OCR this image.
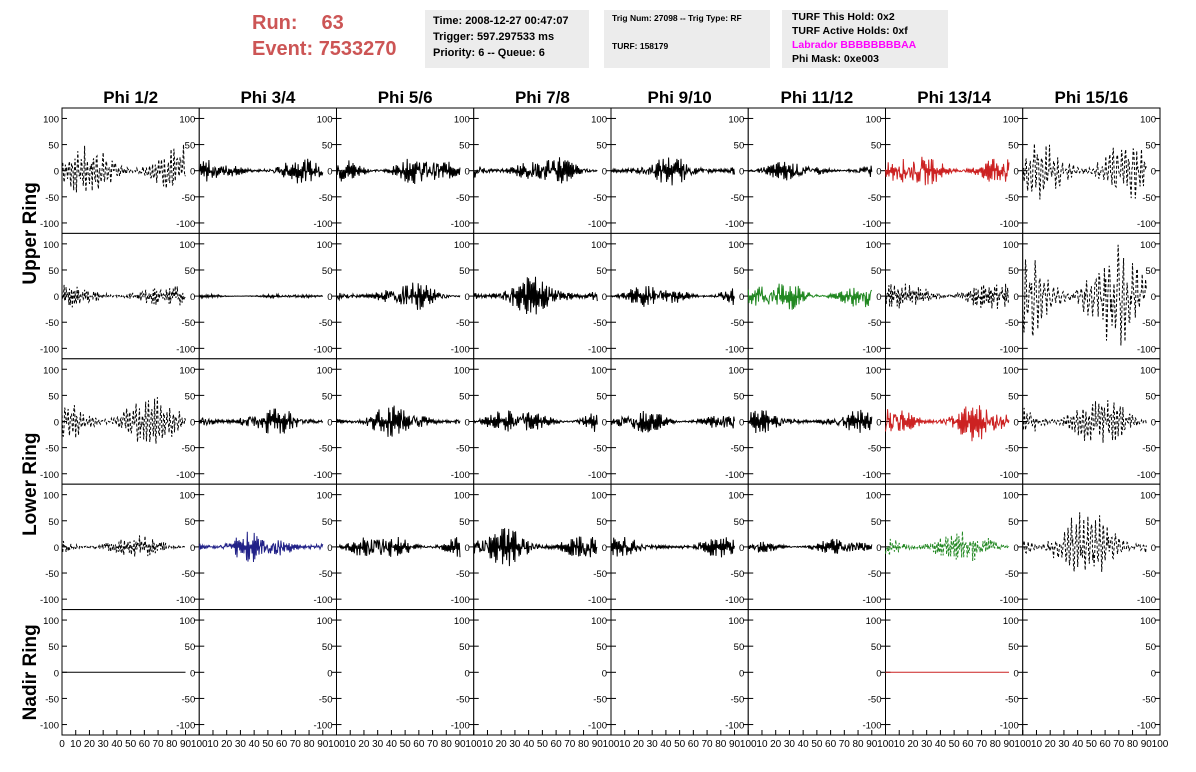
Run: 63
Event: 7533270
Time: 2008-12-27 00:47:07
Trigger: 597.297533 ms
Priority: 6 -- Queue: 6
Trig Num: 27098 -- Trig Type: RF
TURF: 158179
TURF This Hold: 0x2
TURF Active Holds: 0xf
Labrador BBBBBBBBAA
Phi Mask: 0xe003
Phi 1/2	Phi 3/4	Phi 5/6	Phi 7/8	Phi 9/10	Phi 11/12	Phi 13/14	Phi 15/16
Upper Ring
Lower Ring
Nadir Ring
-100	-100
-50	-50
0	0
50	50
100	100
-100
-50
0
50
100
-100
-50
0
50
100
-100
-50
0
50
100
-100
-50
0
50
100
-100
-50
0
50
100
-100
-50
0
50
100
-100
-50
0
50
100
-100	-100
-50	-50
0	0
50	50
100	100
-100
-50
0
50
100
-100
-50
0
50
100
-100
-50
0
50
100
-100
-50
0
50
100
-100
-50
0
50
100
-100
-50
0
50
100
-100
-50
0
50
100
-100	-100
-50	-50
0	0
50	50
100	100
-100
-50
0
50
100
-100
-50
0
50
100
-100
-50
0
50
100
-100
-50
0
50
100
-100
-50
0
50
100
-100
-50
0
50
100
-100
-50
0
50
100
-100	-100
-50	-50
0	0
50	50
100	100
-100
-50
0
50
100
-100
-50
0
50
100
-100
-50
0
50
100
-100
-50
0
50
100
-100
-50
0
50
100
-100
-50
0
50
100
-100
-50
0
50
100
-100	-100
-50	-50
0	0
50	50
100	100
0 10 20 30 40 50 60 70 80 90 100
-100
-50
0
50
100
10 20 30 40 50 60 70 80 90 100
-100
-50
0
50
100
10 20 30 40 50 60 70 80 90 100
-100
-50
0
50
100
10 20 30 40 50 60 70 80 90 100
-100
-50
0
50
100
10 20 30 40 50 60 70 80 90 100
-100
-50
0
50
100
10 20 30 40 50 60 70 80 90 100
-100
-50
0
50
100
10 20 30 40 50 60 70 80 90 100
-100
-50
0
50
100
10 20 30 40 50 60 70 80 90 100
